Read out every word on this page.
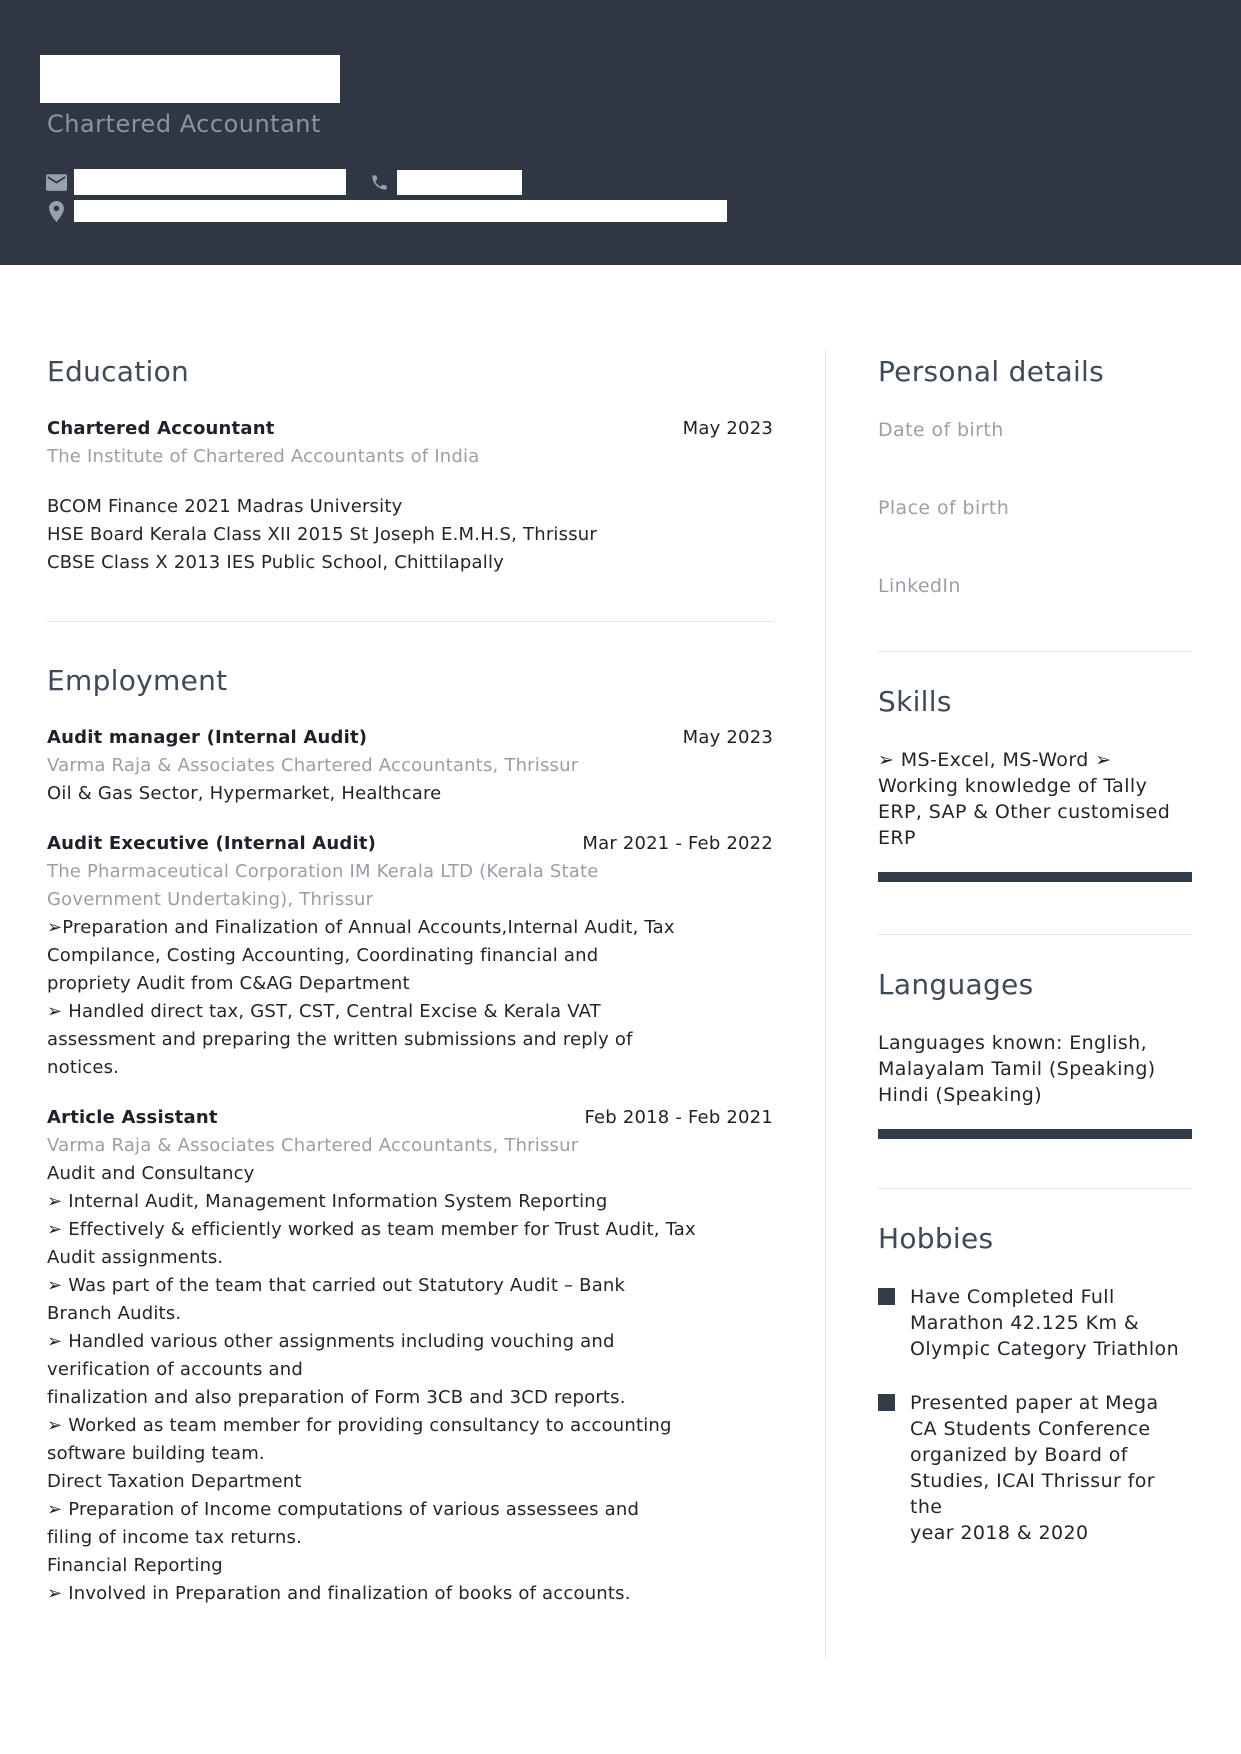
Chartered Accountant
Education
Chartered Accountant	May 2023
The Institute of Chartered Accountants of India
BCOM Finance 2021 Madras University
HSE Board Kerala Class XII 2015 St Joseph E.M.H.S, Thrissur
CBSE Class X 2013 IES Public School, Chittilapally
Employment
Audit manager (Internal Audit)	May 2023
Varma Raja & Associates Chartered Accountants, Thrissur
Oil & Gas Sector, Hypermarket, Healthcare
Audit Executive (Internal Audit)	Mar 2021 - Feb 2022
The Pharmaceutical Corporation IM Kerala LTD (Kerala State
Government Undertaking), Thrissur
➢Preparation and Finalization of Annual Accounts,Internal Audit, Tax
Compilance, Costing Accounting, Coordinating financial and
propriety Audit from C&AG Department
➢ Handled direct tax, GST, CST, Central Excise & Kerala VAT
assessment and preparing the written submissions and reply of
notices.
Article Assistant	Feb 2018 - Feb 2021
Varma Raja & Associates Chartered Accountants, Thrissur
Audit and Consultancy
➢ Internal Audit, Management Information System Reporting
➢ Effectively & efficiently worked as team member for Trust Audit, Tax
Audit assignments.
➢ Was part of the team that carried out Statutory Audit – Bank
Branch Audits.
➢ Handled various other assignments including vouching and
verification of accounts and
finalization and also preparation of Form 3CB and 3CD reports.
➢ Worked as team member for providing consultancy to accounting
software building team.
Direct Taxation Department
➢ Preparation of Income computations of various assessees and
filing of income tax returns.
Financial Reporting
➢ Involved in Preparation and finalization of books of accounts.
Personal details
Date of birth
Place of birth
LinkedIn
Skills
➢ MS-Excel, MS-Word ➢
Working knowledge of Tally
ERP, SAP & Other customised
ERP
Languages
Languages known: English,
Malayalam Tamil (Speaking)
Hindi (Speaking)
Hobbies
Have Completed Full
Marathon 42.125 Km &
Olympic Category Triathlon
Presented paper at Mega
CA Students Conference
organized by Board of
Studies, ICAI Thrissur for the
year 2018 & 2020
